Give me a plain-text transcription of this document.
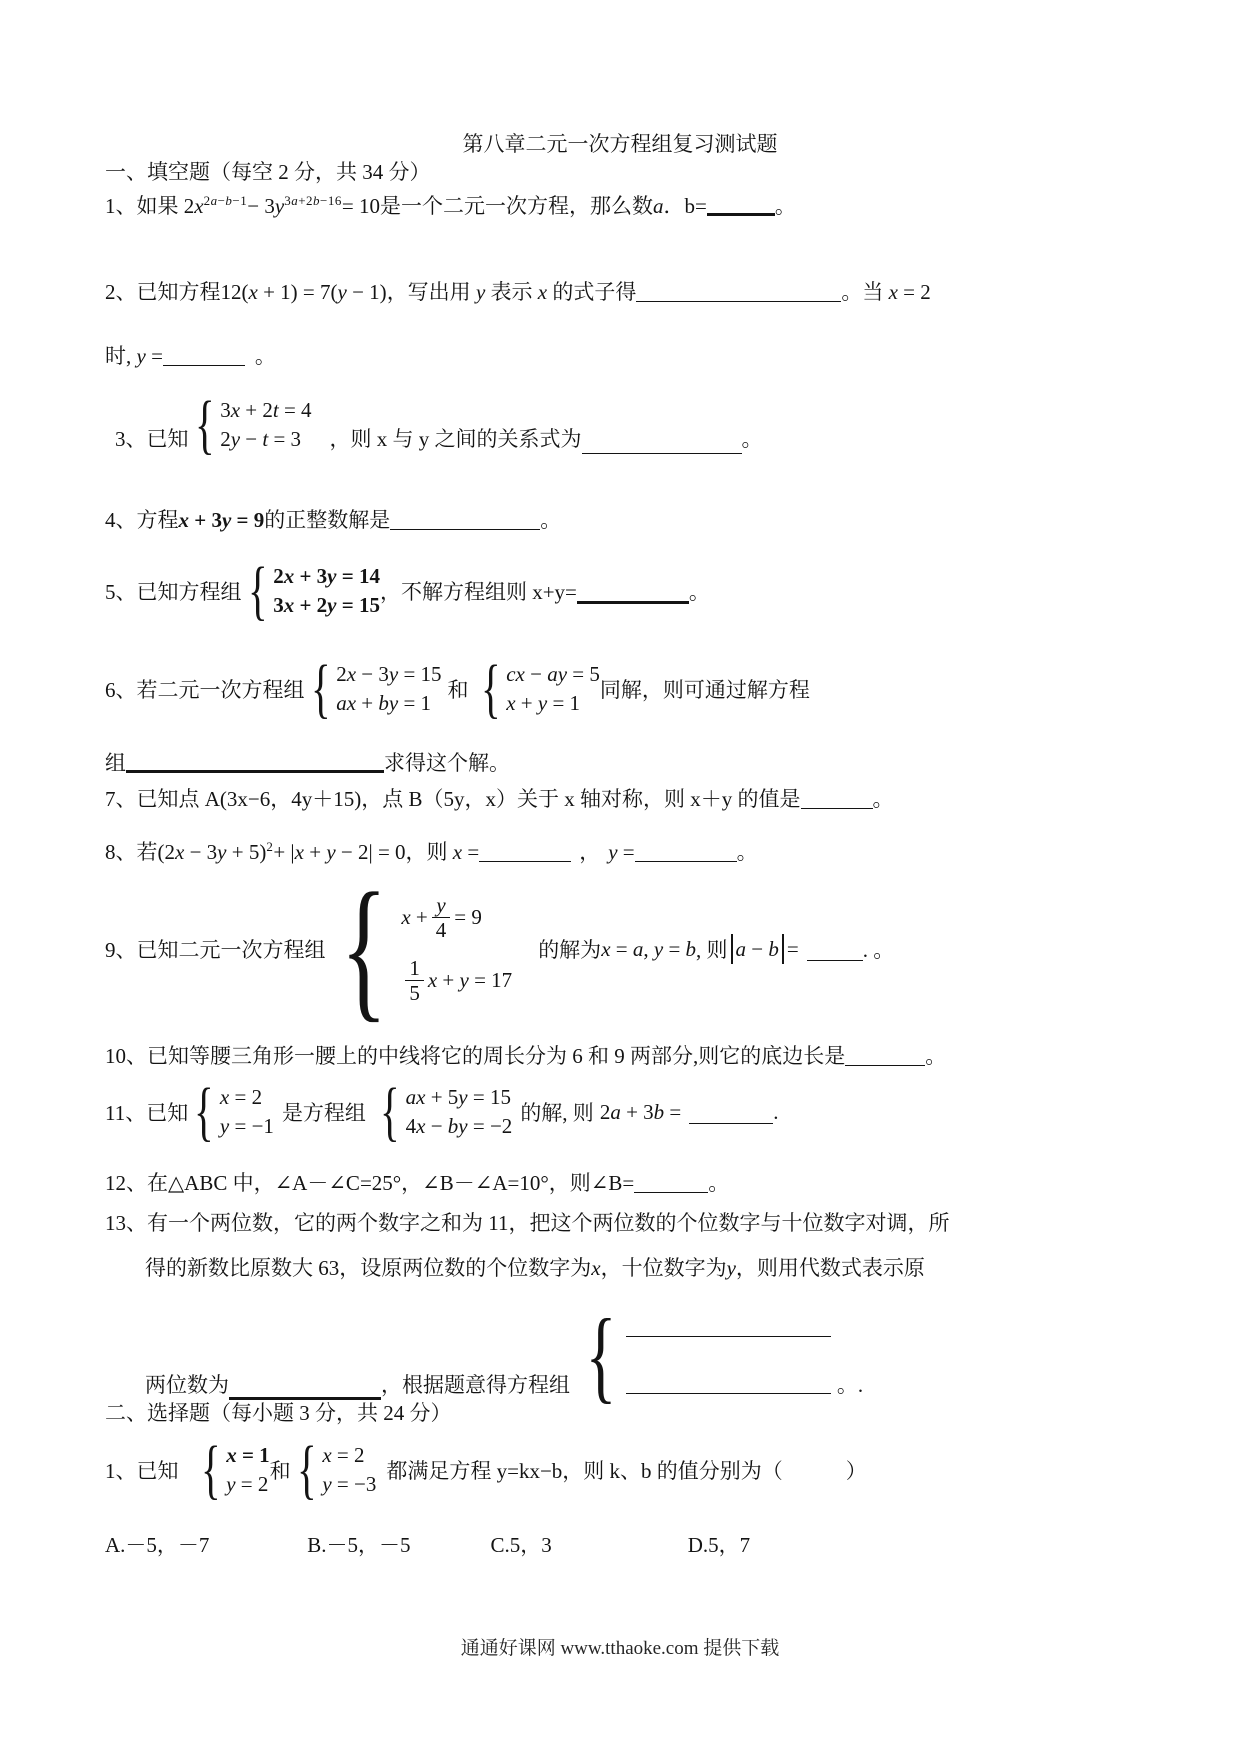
第八章二元一次方程组复习测试题
一、填空题（每空 2 分，共 34 分）
1、如果 $2x^{2a-b-1}- 3y^{3a+2b-16}= 10$是一个二元一次方程，那么数a．b=	。
2、已知方程12(x + 1) = 7(y − 1)，写出用 y 表示 x 的式子得	。当 x = 2
时, y =	。
3、已知 { 3x + 2t = 4
2y − t = 3	，则 x 与 y 之间的关系式为	。
4、方程x + 3y = 9的正整数解是	。
5、已知方程组 { 2x + 3y = 14
3x + 2y = 15
，不解方程组则 x+y=	。
6、若二元一次方程组 { 2x − 3y = 15
ax + by = 1
和 { cx − ay = 5
x + y = 1
同解，则可通过解方程
组	求得这个解。
7、已知点 A(3x−6，4y＋15)，点 B（5y，x）关于 x 轴对称，则 x＋y 的值是	。
8、若$(2x - 3y + 5)^2+ |x + y - 2| = 0$，则 x =	， y =	。
9、已知二元一次方程组 { $x + \frac{y}{4} = 9$
$\frac{1}{5}$ x + y = 17
的解为 x = a, y = b , 则 a − b =	. 。
10、已知等腰三角形一腰上的中线将它的周长分为 6 和 9 两部分,则它的底边长是	。
11、已知 { x = 2
y = −1
是方程组 { ax + 5y = 15
4x − by = −2
的解, 则 2a + 3b =	.
12、在△ABC 中，∠A－∠C=25°，∠B－∠A=10°，则∠B=	。
13、有一个两位数，它的两个数字之和为 11，把这个两位数的个位数字与十位数字对调，所
得的新数比原数大 63，设原两位数的个位数字为x，十位数字为y，则用代数式表示原
两位数为	，根据题意得方程组 {	。.
二、选择题（每小题 3 分，共 24 分）
1、已知 { x = 1
y = 2
和 { x = 2
y = −3
都满足方程 y=kx−b，则 k、b 的值分别为（　　　）
A.－5，－7	B.－5，－5	C.5，3	D.5，7
通通好课网 www.tthaoke.com 提供下载
